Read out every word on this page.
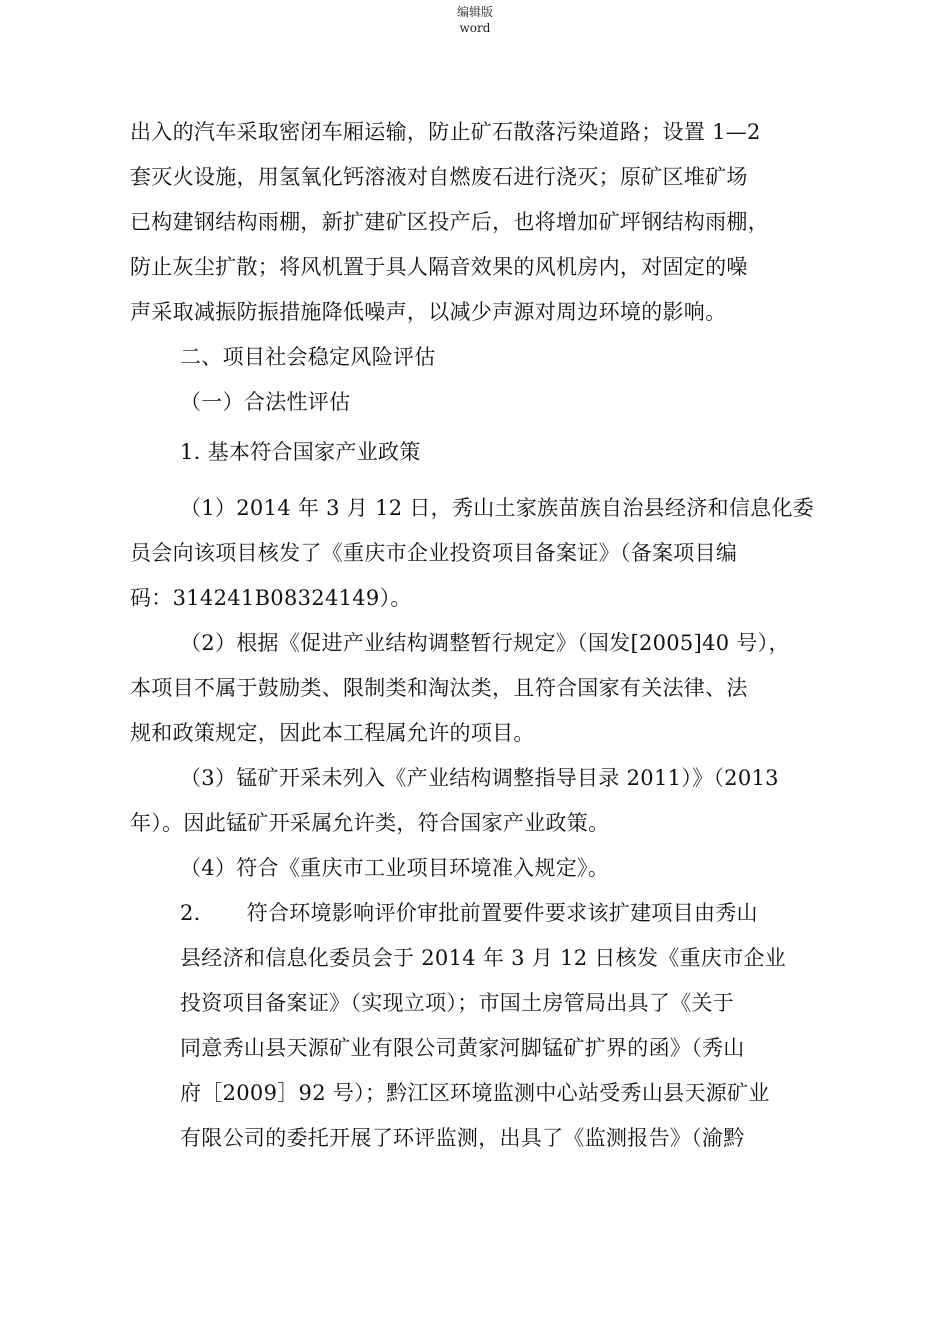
编辑版
word
出入的汽车采取密闭车厢运输，防止矿石散落污染道路；设置 1—2
套灭火设施，用氢氧化钙溶液对自燃废石进行浇灭；原矿区堆矿场
已构建钢结构雨棚，新扩建矿区投产后，也将增加矿坪钢结构雨棚，
防止灰尘扩散；将风机置于具人隔音效果的风机房内，对固定的噪
声采取减振防振措施降低噪声，以减少声源对周边环境的影响。
二、项目社会稳定风险评估
（一）合法性评估
1. 基本符合国家产业政策
（1）2014 年 3 月 12 日，秀山土家族苗族自治县经济和信息化委
员会向该项目核发了《重庆市企业投资项目备案证》（备案项目编
码：314241B08324149）。
（2）根据《促进产业结构调整暂行规定》（国发[2005]40 号），
本项目不属于鼓励类、限制类和淘汰类，且符合国家有关法律、法
规和政策规定，因此本工程属允许的项目。
（3）锰矿开采未列入《产业结构调整指导目录 2011）》（2013
年）。因此锰矿开采属允许类，符合国家产业政策。
（4）符合《重庆市工业项目环境准入规定》。
2. 符合环境影响评价审批前置要件要求该扩建项目由秀山
县经济和信息化委员会于 2014 年 3 月 12 日核发《重庆市企业
投资项目备案证》（实现立项）；市国土房管局出具了《关于
同意秀山县天源矿业有限公司黄家河脚锰矿扩界的函》（秀山
府［2009］92 号）；黔江区环境监测中心站受秀山县天源矿业
有限公司的委托开展了环评监测，出具了《监测报告》（渝黔
